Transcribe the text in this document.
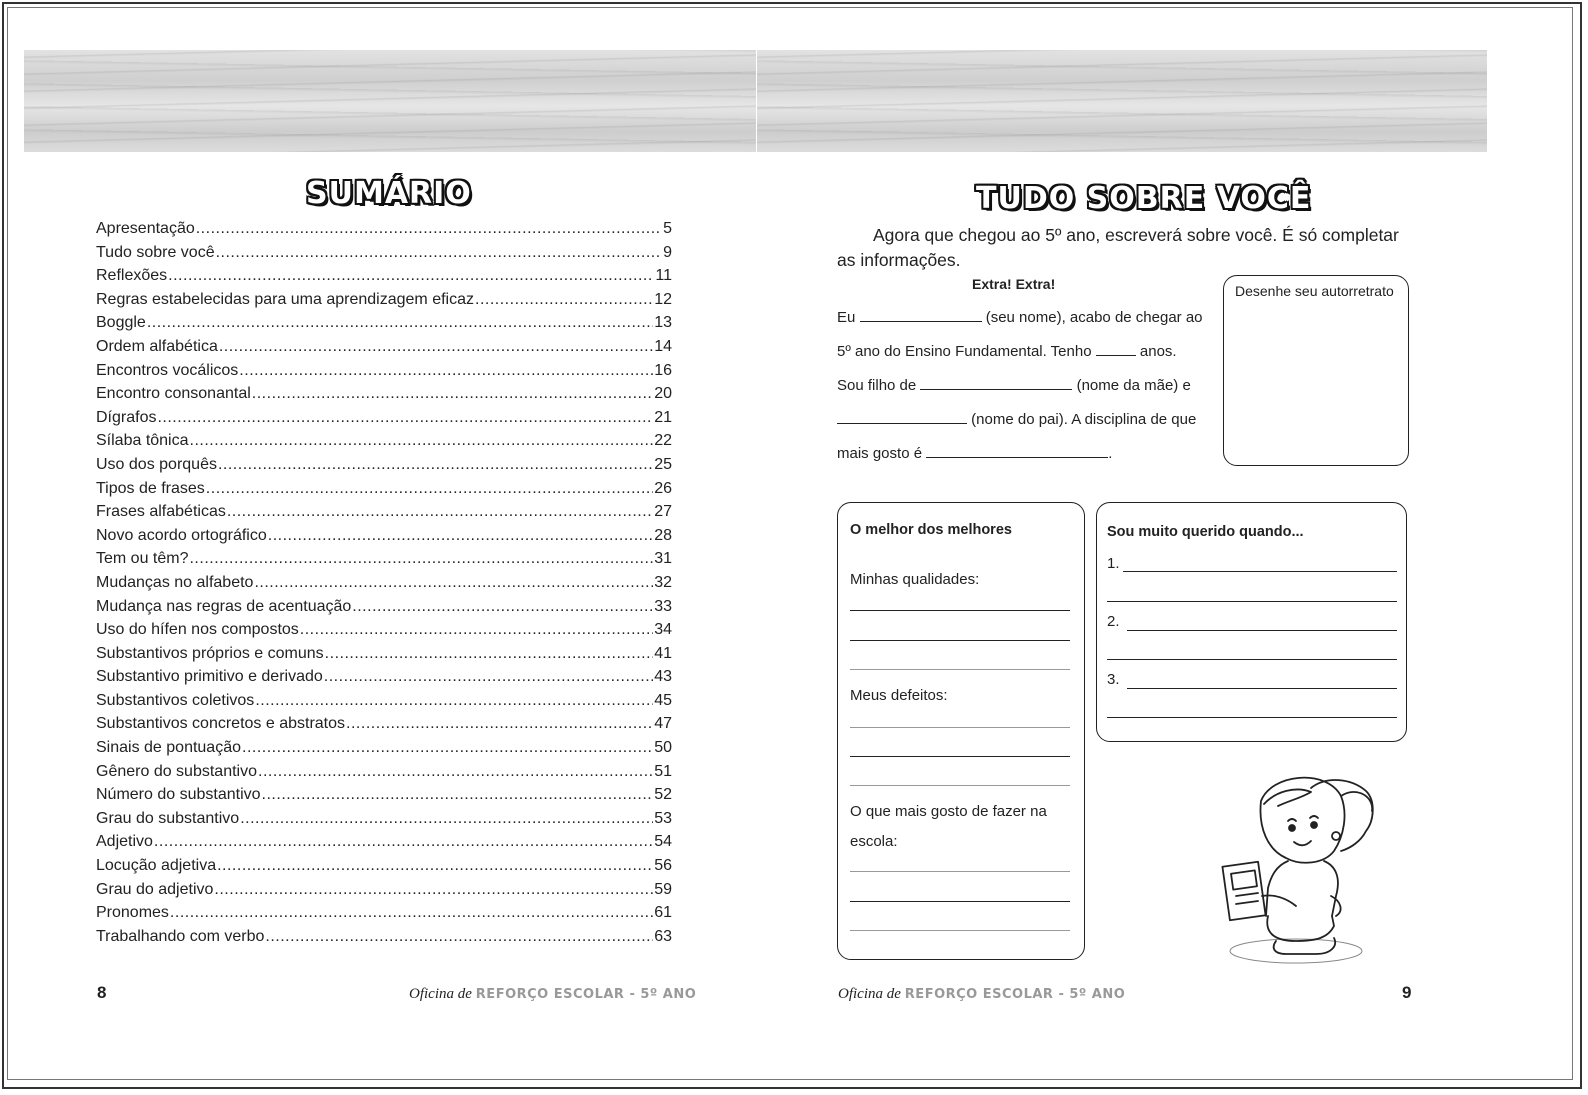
SUMÁRIO
Apresentação .....	5
Tudo sobre você .....	9
Reflexões .....	11
Regras estabelecidas para uma aprendizagem eficaz .....	12
Boggle .....	13
Ordem alfabética .....	14
Encontros vocálicos .....	16
Encontro consonantal .....	20
Dígrafos .....	21
Sílaba tônica .....	22
Uso dos porquês .....	25
Tipos de frases .....	26
Frases alfabéticas .....	27
Novo acordo ortográfico .....	28
Tem ou têm? .....	31
Mudanças no alfabeto .....	32
Mudança nas regras de acentuação .....	33
Uso do hífen nos compostos .....	34
Substantivos próprios e comuns .....	41
Substantivo primitivo e derivado .....	43
Substantivos coletivos .....	45
Substantivos concretos e abstratos .....	47
Sinais de pontuação .....	50
Gênero do substantivo .....	51
Número do substantivo .....	52
Grau do substantivo .....	53
Adjetivo .....	54
Locução adjetiva .....	56
Grau do adjetivo .....	59
Pronomes .....	61
Trabalhando com verbo .....	63
8	Oficina de REFORÇO ESCOLAR - 5º ANO
TUDO SOBRE VOCÊ
Agora que chegou ao 5º ano, escreverá sobre você. É só completar as informações.
Extra! Extra!
Eu	(seu nome), acabo de chegar ao
5º ano do Ensino Fundamental. Tenho	anos.
Sou filho de	(nome da mãe) e
(nome do pai). A disciplina de que
mais gosto é	.
Desenhe seu autorretrato
O melhor dos melhores
Minhas qualidades:
Meus defeitos:
O que mais gosto de fazer na
escola:
Sou muito querido quando...
1.
2.
3.
Oficina de REFORÇO ESCOLAR - 5º ANO	9
